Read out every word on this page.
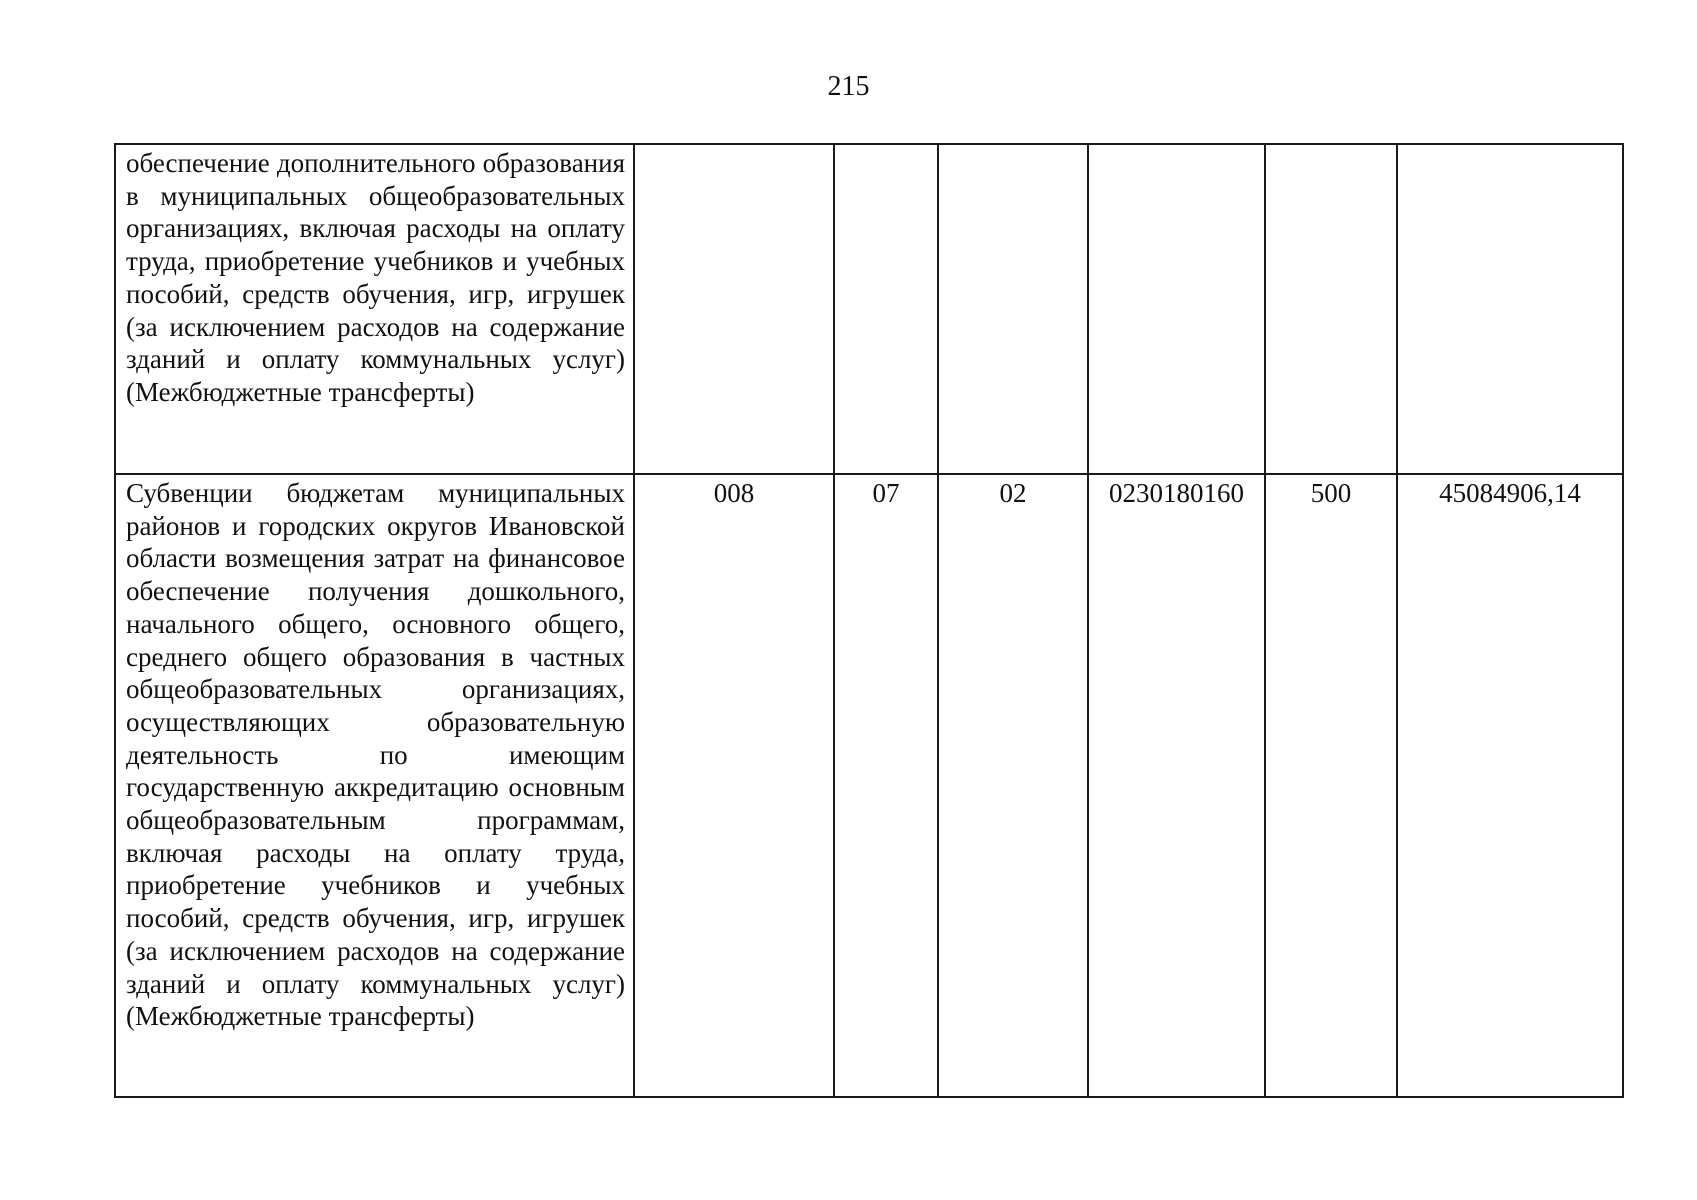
215
обеспечение дополнительного образования в муниципальных общеобразовательных организациях, включая расходы на оплату труда, приобретение учебников и учебных пособий, средств обучения, игр, игрушек (за исключением расходов на содержание зданий и оплату коммунальных услуг) (Межбюджетные трансферты)						
Субвенции бюджетам муниципальных районов и городских округов Ивановской области возмещения затрат на финансовое обеспечение получения дошкольного, начального общего, основного общего, среднего общего образования в частных общеобразовательных организациях, осуществляющих образовательную деятельность по имеющим государственную аккредитацию основным общеобразовательным программам, включая расходы на оплату труда, приобретение учебников и учебных пособий, средств обучения, игр, игрушек (за исключением расходов на содержание зданий и оплату коммунальных услуг) (Межбюджетные трансферты)	008	07	02	0230180160	500	45084906,14
